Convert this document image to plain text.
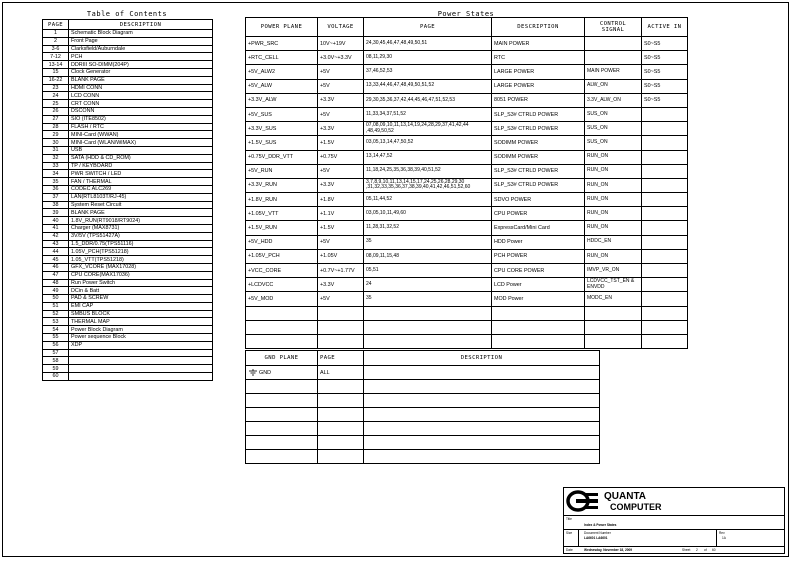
Table of Contents
PAGE	DESCRIPTION
1	Schematic Block Diagram
2	Front Page
3-6	Clarksfield/Auburndale
7-12	PCH
13-14	DDRIII SO-DIMM(204P)
15	Clock Generator
16-22	BLANK PAGE
23	HDMI CONN
24	LCD CONN
25	CRT CONN
26	DSCONN
27	SIO (ITE8502)
28	FLASH / RTC
29	MINI-Card (WWAN)
30	MINI-Card (WLAN/WiMAX)
31	USB
32	SATA (HDD & CD_ROM)
33	TP / KEYBOARD
34	PWR SWITCH / LED
35	FAN / THERMAL
36	CODEC ALC269
37	LAN(RTL8103T/RJ-45)
38	System Reset Circuit
39	BLANK PAGE
40	1.8V_RUN(RT9018/RT9024)
41	Charger (MAX8731)
42	3V/5V (TPS51427A)
43	1.5_DDR/0.75(TPS51116)
44	1.05V_PCH(TPS51218)
45	1.05_VTT(TPS51218)
46	GFX_VCORE (MAX17028)
47	CPU CORE(MAX17036)
48	Run Power Switch
49	DCin & Batt
50	PAD & SCREW
51	EMI CAP
52	SMBUS BLOCK
53	THERMAL MAP
54	Power Block Diagram
55	Power sequence Block
56	XDP
57	
58	
59	
60	
Power States
POWER PLANE	VOLTAGE	PAGE	DESCRIPTION	CONTROL SIGNAL	ACTIVE IN
+PWR_SRC	10V~+19V	24,30,45,46,47,48,49,50,51	MAIN POWER		S0~S5
+RTC_CELL	+3.0V~+3.3V	08,11,29,30	RTC		S0~S5
+5V_ALW2	+5V	37,46,52,53	LARGE POWER	MAIN POWER	S0~S5
+5V_ALW	+5V	13,33,44,46,47,48,49,50,51,52	LARGE POWER	ALW_ON	S0~S5
+3.3V_ALW	+3.3V	29,30,35,36,37,42,44,45,46,47,51,52,53	8051 POWER	3.3V_ALW_ON	S0~S5
+5V_SUS	+5V	11,33,34,37,51,52	SLP_S3# CTRLD POWER	SUS_ON	
+3.3V_SUS	+3.3V	07,08,09,10,11,13,14,19,24,28,29,37,41,42,44 ,48,49,50,52	SLP_S3# CTRLD POWER	SUS_ON	
+1.5V_SUS	+1.5V	03,05,13,14,47,50,52	SODIMM POWER	SUS_ON	
+0.75V_DDR_VTT	+0.75V	13,14,47,52	SODIMM POWER	RUN_ON	
+5V_RUN	+5V	11,18,24,25,35,36,38,39,40,51,52	SLP_S3# CTRLD POWER	RUN_ON	
+3.3V_RUN	+3.3V	3,7,8,9,10,11,13,14,15,17,24,25,26,28,29,30 ,31,32,33,35,36,37,38,39,40,41,42,46,51,52,60	SLP_S3# CTRLD POWER	RUN_ON	
+1.8V_RUN	+1.8V	05,11,44,52	SDVO POWER	RUN_ON	
+1.05V_VTT	+1.1V	03,05,10,11,49,60	CPU POWER	RUN_ON	
+1.5V_RUN	+1.5V	11,28,31,32,52	ExpressCard/Mini Card	RUN_ON	
+5V_HDD	+5V	35	HDD Power	HDDC_EN	
+1.05V_PCH	+1.05V	08,09,11,15,48	PCH POWER	RUN_ON	
+VCC_CORE	+0.7V~+1.77V	05,51	CPU CORE POWER	IMVP_VR_ON	
+LCDVCC	+3.3V	24	LCD Power	LCDVCC_TST_EN & ENVDD	
+5V_MOD	+5V	35	MOD Power	MODC_EN	

GND PLANE	PAGE	DESCRIPTION
GND	ALL	

QUANTA
COMPUTER
Title
Index & Power States
Size	Document Number
LA6601 LA6601
Rev
1A
Date	Wednesday, November 18, 2009	Sheet 2 of 60
